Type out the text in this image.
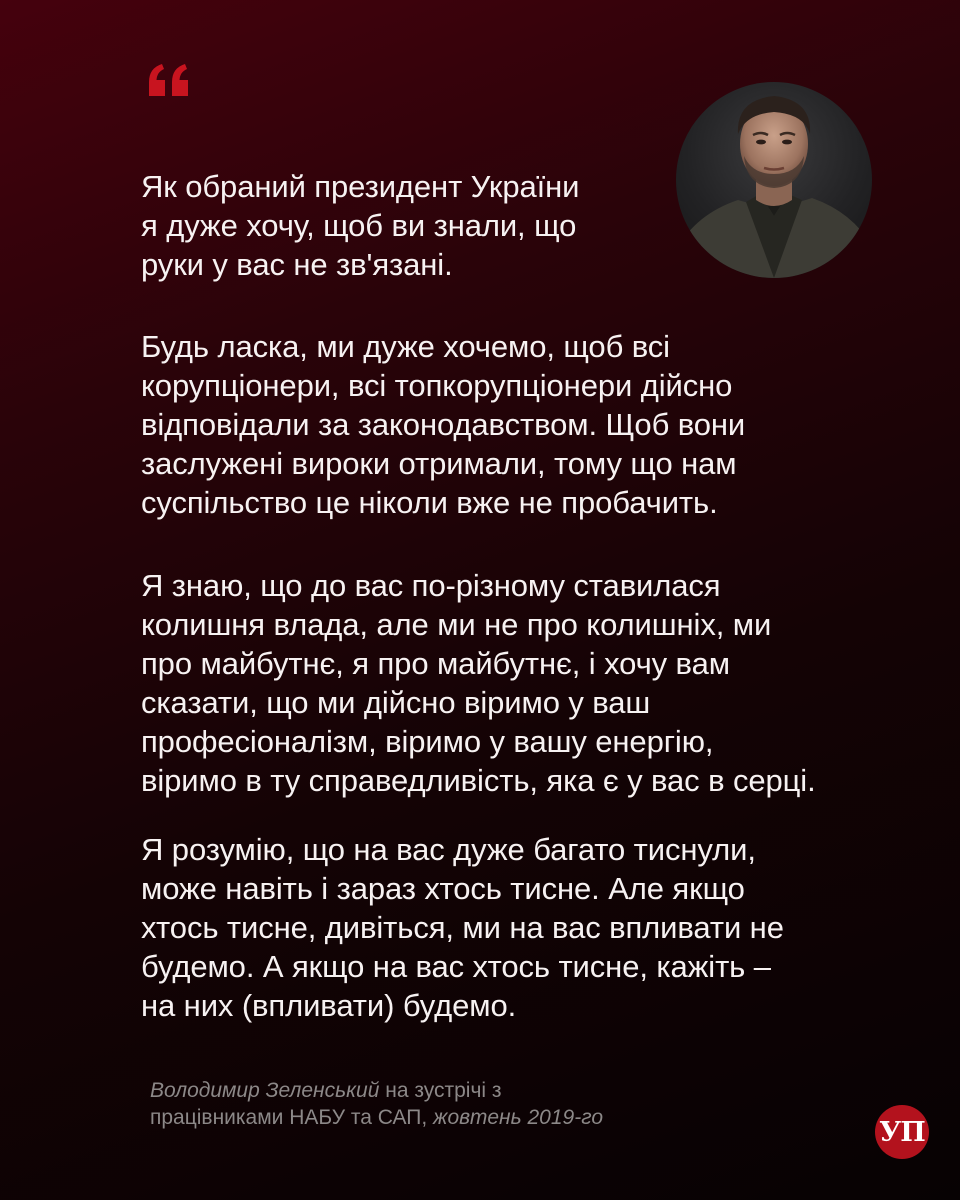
Як обраний президент України
я дуже хочу, щоб ви знали, що
руки у вас не зв'язані.

Будь ласка, ми дуже хочемо, щоб всі
корупціонери, всі топкорупціонери дійсно
відповідали за законодавством. Щоб вони
заслужені вироки отримали, тому що нам
суспільство це ніколи вже не пробачить.

Я знаю, що до вас по-різному ставилася
колишня влада, але ми не про колишніх, ми
про майбутнє, я про майбутнє, і хочу вам
сказати, що ми дійсно віримо у ваш
професіоналізм, віримо у вашу енергію,
віримо в ту справедливість, яка є у вас в серці.

Я розумію, що на вас дуже багато тиснули,
може навіть і зараз хтось тисне. Але якщо
хтось тисне, дивіться, ми на вас впливати не
будемо. А якщо на вас хтось тисне, кажіть –
на них (впливати) будемо.

Володимир Зеленський на зустрічі з
працівниками НАБУ та САП, жовтень 2019-го	УП
